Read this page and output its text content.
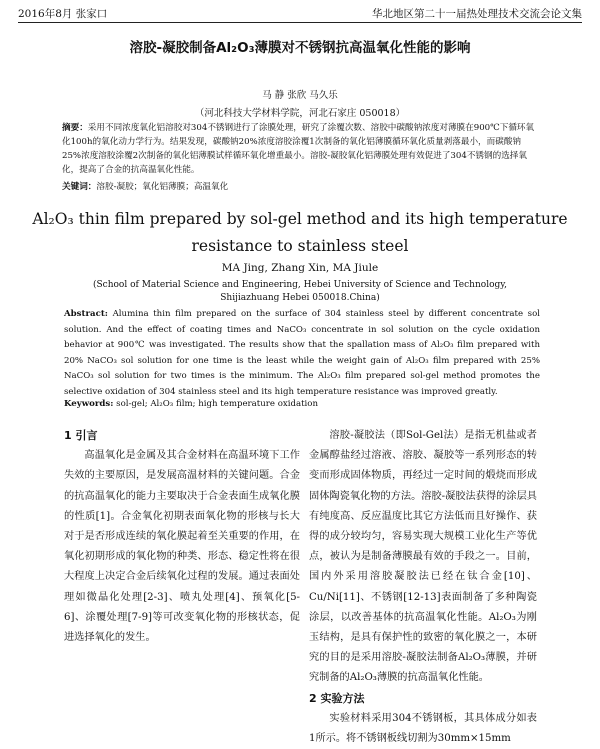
2016年8月 张家口	华北地区第二十一届热处理技术交流会论文集
溶胶-凝胶制备Al₂O₃薄膜对不锈钢抗高温氧化性能的影响
马 静 张欣 马久乐
（河北科技大学材料学院，河北石家庄 050018）
摘要：采用不同浓度氧化铝溶胶对304不锈钢进行了涂膜处理，研究了涂覆次数、溶胶中碳酸钠浓度对薄膜在900℃下循环氧化100h的氧化动力学行为。结果发现，碳酸钠20%浓度溶胶涂覆1次制备的氧化铝薄膜循环氧化质量剥落最小，而碳酸钠25%浓度溶胶涂覆2次制备的氧化铝薄膜试样循环氧化增重最小。溶胶-凝胶氧化铝薄膜处理有效促进了304不锈钢的选择氧化，提高了合金的抗高温氧化性能。
关键词：溶胶-凝胶；氧化铝薄膜；高温氧化
Al₂O₃ thin film prepared by sol-gel method and its high temperature resistance to stainless steel
MA Jing, Zhang Xin, MA Jiule
(School of Material Science and Engineering, Hebei University of Science and Technology, Shijiazhuang Hebei 050018.China)
Abstract: Alumina thin film prepared on the surface of 304 stainless steel by different concentrate sol solution. And the effect of coating times and NaCO₃ concentrate in sol solution on the cycle oxidation behavior at 900℃ was investigated. The results show that the spallation mass of Al₂O₃ film prepared with 20% NaCO₃ sol solution for one time is the least while the weight gain of Al₂O₃ film prepared with 25% NaCO₃ sol solution for two times is the minimum. The Al₂O₃ film prepared sol-gel method promotes the selective oxidation of 304 stainless steel and its high temperature resistance was improved greatly.
Keywords: sol-gel; Al₂O₃ film; high temperature oxidation

1 引言

高温氧化是金属及其合金材料在高温环境下工作失效的主要原因，是发展高温材料的关键问题。合金的抗高温氧化的能力主要取决于合金表面生成氧化膜的性质[1]。合金氧化初期表面氧化物的形核与长大对于是否形成连续的氧化膜起着至关重要的作用，在氧化初期形成的氧化物的种类、形态、稳定性将在很大程度上决定合金后续氧化过程的发展。通过表面处理如微晶化处理[2-3]、喷丸处理[4]、预氧化[5-6]、涂覆处理[7-9]等可改变氧化物的形核状态，促进选择氧化的发生。

溶胶-凝胶法（即Sol-Gel法）是指无机盐或者金属醇盐经过溶液、溶胶、凝胶等一系列形态的转变而形成固体物质，再经过一定时间的煅烧而形成固体陶瓷氧化物的方法。溶胶-凝胶法获得的涂层具有纯度高、反应温度比其它方法低而且好操作、获得的成分较均匀，容易实现大规模工业化生产等优点，被认为是制备薄膜最有效的手段之一。目前，国内外采用溶胶凝胶法已经在钛合金[10]、Cu/Ni[11]、不锈钢[12-13]表面制备了多种陶瓷涂层，以改善基体的抗高温氧化性能。Al₂O₃为刚玉结构，是具有保护性的致密的氧化膜之一，本研究的目的是采用溶胶-凝胶法制备Al₂O₃薄膜，并研究制备的Al₂O₃薄膜的抗高温氧化性能。

2 实验方法

实验材料采用304不锈钢板，其具体成分如表1所示。将不锈钢板线切割为30mm×15mm
